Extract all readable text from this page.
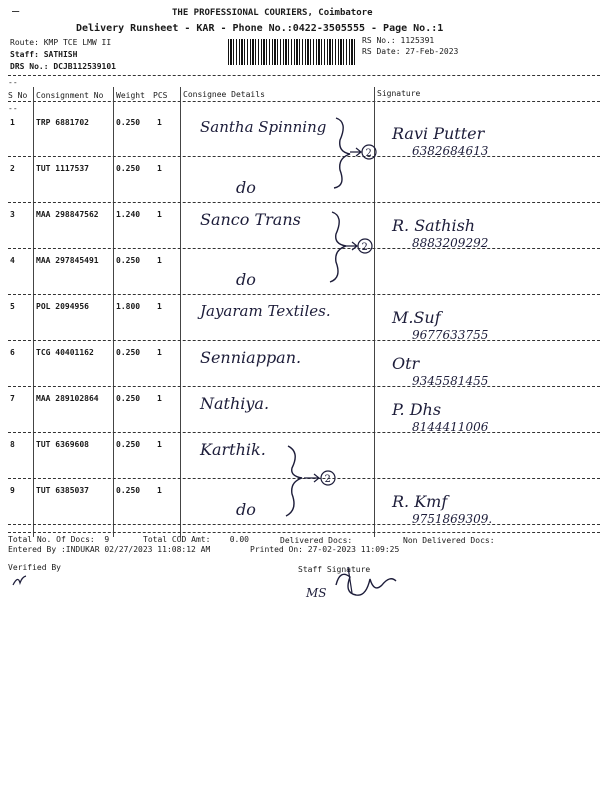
THE PROFESSIONAL COURIERS, Coimbatore
Delivery Runsheet - KAR - Phone No.:0422-3505555 - Page No.:1
—
Route: KMP TCE LMW II
Staff: SATHISH
DRS No.: DCJB112539101
RS No.: 1125391
RS Date: 27-Feb-2023
--
S No Consignment No Weight PCS Consignee Details	Signature
--
1	TRP 6881702	0.250 1	Santha Spinning	Ravi Putter
6382684613
2	TUT 1117537	0.250 1
do
3	MAA 298847562 1.240 1 Sanco Trans	R. Sathish
8883209292
4	MAA 297845491 0.250 1
do
5	POL 2094956	1.800 1	Jayaram Textiles.	M.Suf
9677633755
6	TCG 40401162	0.250 1 Senniappan.	Otr
9345581455
7	MAA 289102864 0.250 1 Nathiya.	P. Dhs
8144411006
8	TUT 6369608	0.250 1 Karthik.
9	TUT 6385037	0.250 1
do	R. Kmf
9751869309.
2
2
2
Total No. Of Docs:  9	Total COD Amt:    0.00	Delivered Docs:	Non Delivered Docs:
Entered By :INDUKAR 02/27/2023 11:08:12 AM	Printed On: 27-02-2023 11:09:25
Verified By	Staff Signature
MS
